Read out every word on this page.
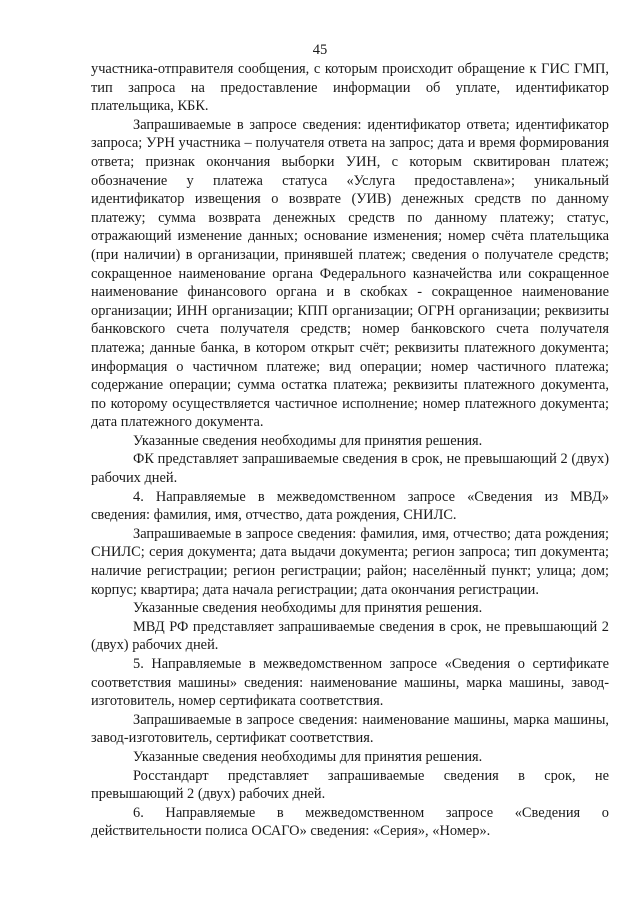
45

участника-отправителя сообщения, с которым происходит обращение к ГИС ГМП, тип запроса на предоставление информации об уплате, идентификатор плательщика, КБК.

Запрашиваемые в запросе сведения: идентификатор ответа; идентификатор запроса; УРН участника – получателя ответа на запрос; дата и время формирования ответа; признак окончания выборки УИН, с которым сквитирован платеж; обозначение у платежа статуса «Услуга предоставлена»; уникальный идентификатор извещения о возврате (УИВ) денежных средств по данному платежу; сумма возврата денежных средств по данному платежу; статус, отражающий изменение данных; основание изменения; номер счёта плательщика (при наличии) в организации, принявшей платеж; сведения о получателе средств; сокращенное наименование органа Федерального казначейства или сокращенное наименование финансового органа и в скобках - сокращенное наименование организации; ИНН организации; КПП организации; ОГРН организации; реквизиты банковского счета получателя средств; номер банковского счета получателя платежа; данные банка, в котором открыт счёт; реквизиты платежного документа; информация о частичном платеже; вид операции; номер частичного платежа; содержание операции; сумма остатка платежа; реквизиты платежного документа, по которому осуществляется частичное исполнение; номер платежного документа; дата платежного документа.

Указанные сведения необходимы для принятия решения.

ФК представляет запрашиваемые сведения в срок, не превышающий 2 (двух) рабочих дней.

4. Направляемые в межведомственном запросе «Сведения из МВД» сведения: фамилия, имя, отчество, дата рождения, СНИЛС.

Запрашиваемые в запросе сведения: фамилия, имя, отчество; дата рождения; СНИЛС; серия документа; дата выдачи документа; регион запроса; тип документа; наличие регистрации; регион регистрации; район; населённый пункт; улица; дом; корпус; квартира; дата начала регистрации; дата окончания регистрации.

Указанные сведения необходимы для принятия решения.

МВД РФ представляет запрашиваемые сведения в срок, не превышающий 2 (двух) рабочих дней.

5. Направляемые в межведомственном запросе «Сведения о сертификате соответствия машины» сведения: наименование машины, марка машины, завод-изготовитель, номер сертификата соответствия.

Запрашиваемые в запросе сведения: наименование машины, марка машины, завод-изготовитель, сертификат соответствия.

Указанные сведения необходимы для принятия решения.

Росстандарт представляет запрашиваемые сведения в срок, не превышающий 2 (двух) рабочих дней.

6. Направляемые в межведомственном запросе «Сведения о действительности полиса ОСАГО» сведения: «Серия», «Номер».
